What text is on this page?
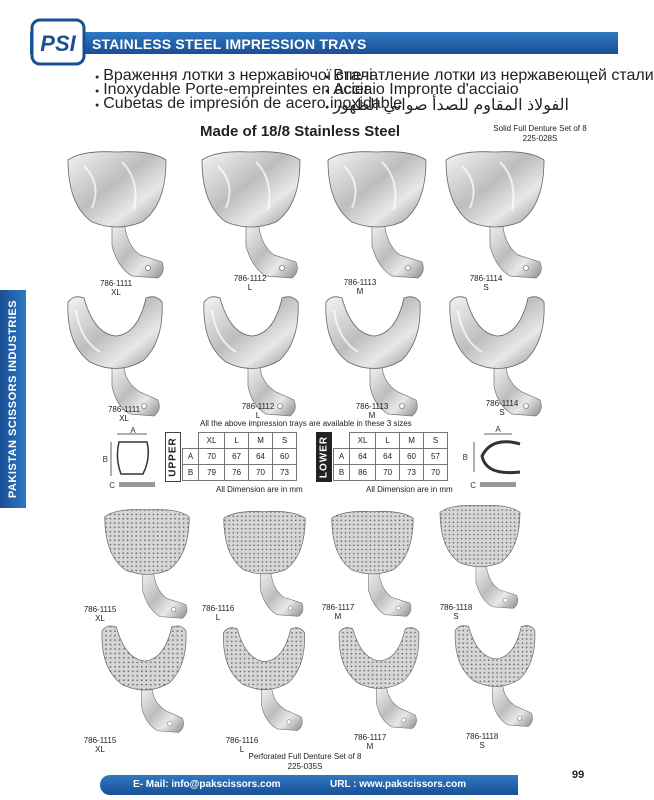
PSI STAINLESS STEEL IMPRESSION TRAYS
● Враження лотки з нержавіючої сталі
● Впечатление лотки из нержавеющей стали
● Inoxydable Porte-empreintes en acier
● Acciaio Impronte d'acciaio
● Cubetas de impresión de acero inoxidable
● الفولاذ المقاوم للصدأ صواني الظهور
Made of 18/8 Stainless Steel	Solid Full Denture Set of 8
225-028S
PAKISTAN SCISSORS INDUSTRIES
786-1111
XL
786-1112
L
786-1113
M
786-1114
S
786-1111
XL
786-1112
L
786-1113
M
786-1114
S
All the above impression trays are available in these 3 sizes
A
B
C
A
B
C
UPPER
		XL	L	M	S
A	70	67	64	60
B	79	76	70	73
All Dimension are in mm
LOWER
		XL	L	M	S
A	64	64	60	57
B	86	70	73	70
All Dimension are in mm
786-1115
XL
786-1116
L
786-1117
M
786-1118
S
786-1115
XL
786-1116
L
786-1117
M
786-1118
S
Perforated Full Denture Set of 8
225-035S
E- Mail: info@pakscissors.com	URL : www.pakscissors.com
99
